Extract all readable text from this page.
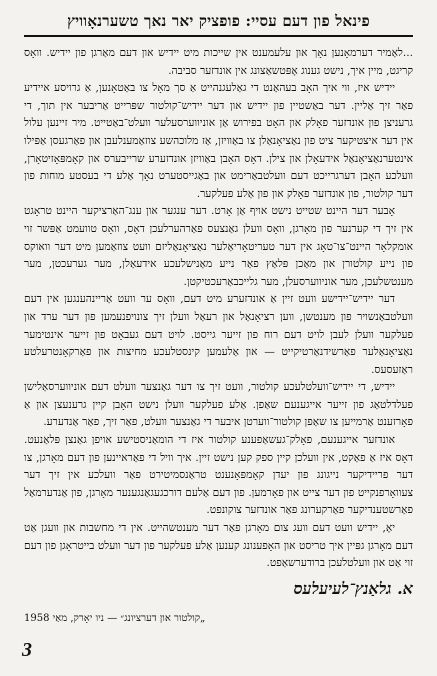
פינאל פון דעם עסיי: פופציק יאר נאך טשערנאָוויץ

...לאַמיר דערמאָנען נאָך און עלעמענט אין שייכות מיט יידיש און דעם מאַרגן פון יידיש. וואָס קריגט, מיין איך, נישט גענוג אָפּטשאַצונג אין אונדזער סביבה.

יידיש איז, ווי איך האָב בעהאַנט די גאַלעגנהייט אַ סך מאָל צו באַטאָנען, אַ גרויסע איידיע פאַר זיך אַליין. דער באַשטיין פון יידיש און דער יידיש־קולטור שפּרייט אַריבער אין תוך, די גרעניצן פון אונדזער פאָלק און האָט בפירוש אַן אוניווערסעלער וועלט־באַטייט. מיר זיינען עלול אין דער איצטיקער ציט פון נאַציאָנאַלן צו באַוויזן, אַז מלוכהשע צוזאַמענלעבן און פאַרגעסן אַפּילו אינטערנאַציאָנאַל אידעאָלן און צילן. דאָס האָבן באַוויזן אונדזערע שרייבערס און קאָמפּאָזיטאָרן, וועלכע האָבן דערגרייכט דעם וועלטבאַרימט און באַגייסטערט נאָך אַלע די בעסטע מוחות פון דער קולטור, פון אונדזער פאָלק און פון אַלע פעלקער.

אָבער דער היינט שטייט נישט אויף אַן אָרט. דער ענגער און ענג־האַרציקער היינט טראָגט אין זיך די קערנער פון מאָרגן, וואָס וועלן גאַנצעס פאַרהערלעכן דאָס, וואָס טוועמט אַפּשר זוי אומקלאָר היינט־צו־טאָג אין דער טעריטאָריאַלער נאַציאָנאַליזם וועט צוזאַמען מיט דער וואוקס פון נייע קולטורן און מאַכן פּלאַץ פאַר נייע מאַנישלעכע אידעאַלן, מער גערעכטן, מער מענטשלעכן, מער אוניווערסעלן, מער גלייכבאַרעכטיקטן.

דער יידיש־יידישע וועט זיין אַ אונדזערע מיט דעם, וואָס ער וועט אַריינהענגען אין דעם וועלטבאַנשויר פון מענטשן, ווען רציאָנאַל און רעאַל וועלן זיך צונויפנעמען פון דער ערד און פעלקער וועלן לעבן לויט דעם רוח פון זייער גייסט. לויט דעם געבאָט פון זייער אינטימער נאַציאָנאַלער פאַרשידנאַרטיקייט — און אַלעמען קינסטלעכע מחיצות און פאַרקאָנטרעלטע ראַזעסעס.

יידיש, די יידיש־וועלטלעכע קולטור, וועט זיך צו דער גאַנצער וועלט דעם אוניווערסאַלישן פעלדלטאַג פון זייער אייגענעם שאַפן. אַלע פעלקער וועלן נישט האָבן קיין גרענעצן און אַ פאָרזענט אַרמייען צו שאַפן קולטור־ווערטן איבער די גאַנצער וועלט, פאַר זיך, פאַר אַנדערע.

אונדזער אייגענעם, פאָלק־געשאַפענע קולטור איז די הומאַניסטישע אויפן גאַנצן פּלאַנעט. דאָס איז אַ פאַקט, אין וועלכן קיין ספק קען נישט זיין. איך וויל די פאַראיינען פון דעם מאָרגן, צו דער פריידיקער נייגונג פון יעדן קאָמפּאָנענט טראַנסמיטירט פאַר וועלכע אין זיך דער צעוואָרפנקייט פון דער צייט און פאָרמען. פון דעם אַלעם דורכגעגאַנגענער מאָרגן, פון אַנדערמאַל פאַרשטענדיקער פאַרקערונג פאַר אונדזער צוקונפט.

יאָ, יידיש וועט דעם וועג צום מאָרגן פאַר דער מענטשהייט. אין די מחשבות און וועגן אַט דעם מאָרגן גפּיין איך טריסט און האָפענונג קענען אַלע פעלקער פון דער וועלט בייטראָגן פון דעם זוי אַט און וועלטלעכן ברודערשאַפט.

א. גלאַנץ־לעיעלעס
„קולטור און דערציונג״ — ניו יאָרק, מאַי 1958
3
